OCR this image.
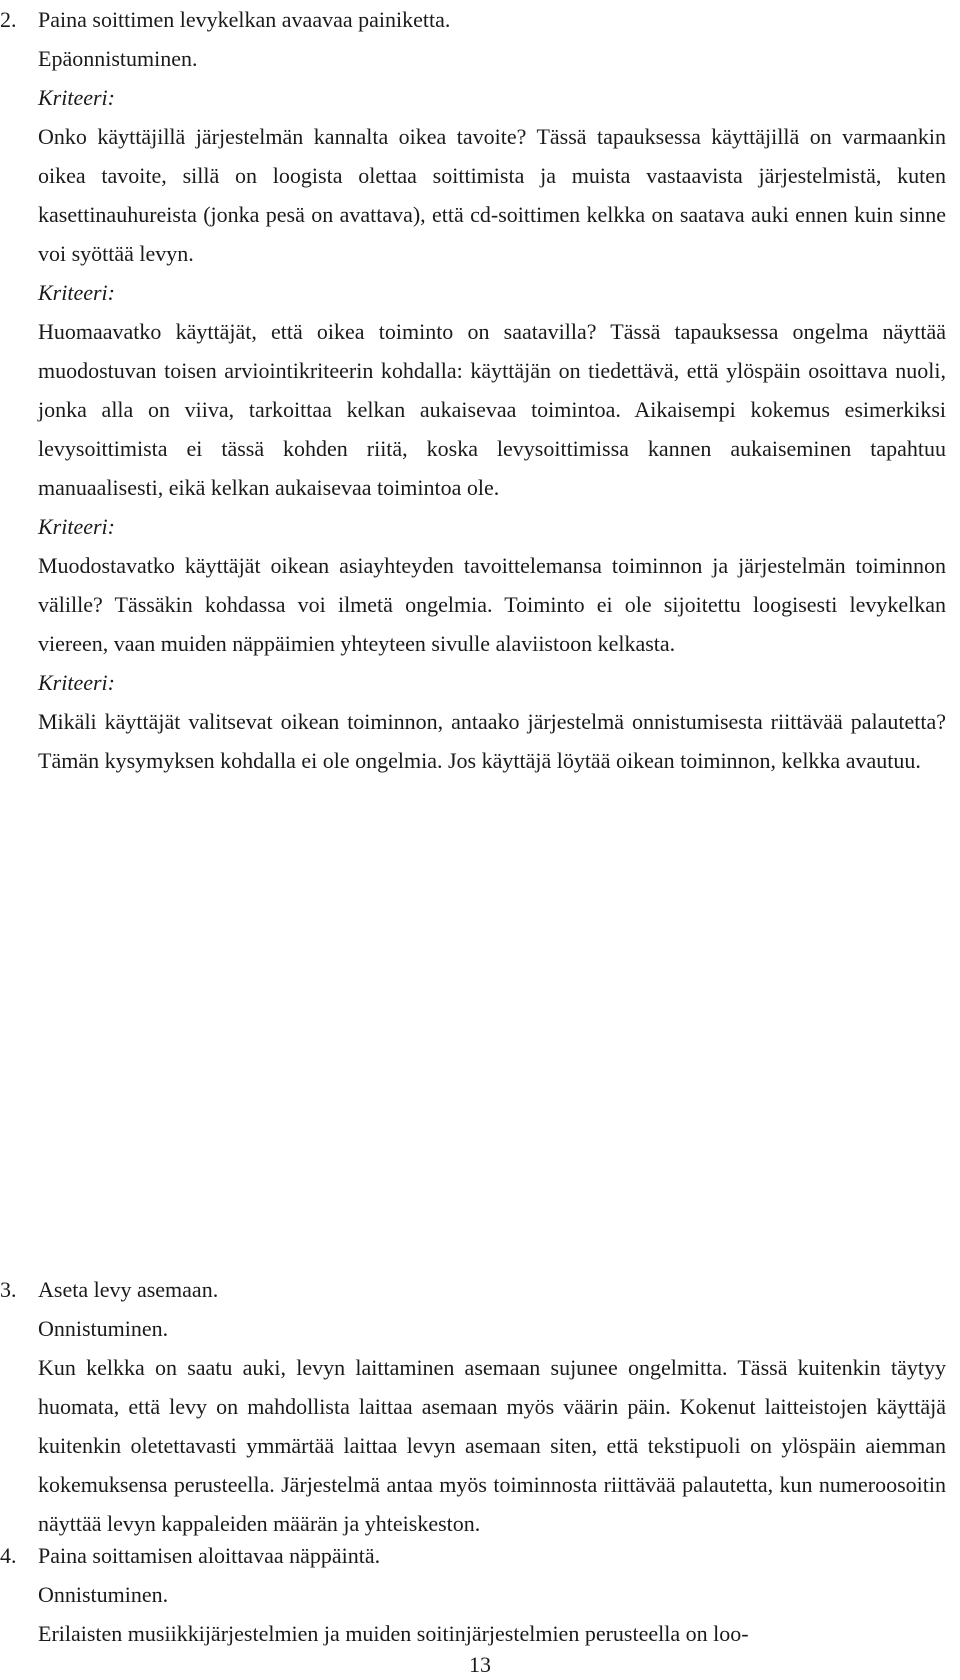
2. Paina soittimen levykelkan avaavaa painiketta.
Epäonnistuminen.
Kriteeri:

Onko käyttäjillä järjestelmän kannalta oikea tavoite? Tässä tapauksessa käyttäjillä on varmaankin oikea tavoite, sillä on loogista olettaa soittimista ja muista vastaavista järjestelmistä, kuten kasettinauhureista (jonka pesä on avattava), että cd-soittimen kelkka on saatava auki ennen kuin sinne voi syöttää levyn.

Kriteeri:

Huomaavatko käyttäjät, että oikea toiminto on saatavilla? Tässä tapauksessa ongelma näyttää muodostuvan toisen arviointikriteerin kohdalla: käyttäjän on tiedettävä, että ylöspäin osoittava nuoli, jonka alla on viiva, tarkoittaa kelkan aukaisevaa toimintoa. Aikaisempi kokemus esimerkiksi levysoittimista ei tässä kohden riitä, koska levysoittimissa kannen aukaiseminen tapahtuu manuaalisesti, eikä kelkan aukaisevaa toimintoa ole.

Kriteeri:

Muodostavatko käyttäjät oikean asiayhteyden tavoittelemansa toiminnon ja järjestelmän toiminnon välille? Tässäkin kohdassa voi ilmetä ongelmia. Toiminto ei ole sijoitettu loogisesti levykelkan viereen, vaan muiden näppäimien yhteyteen sivulle alaviistoon kelkasta.

Kriteeri:

Mikäli käyttäjät valitsevat oikean toiminnon, antaako järjestelmä onnistumisesta riittävää palautetta? Tämän kysymyksen kohdalla ei ole ongelmia. Jos käyttäjä löytää oikean toiminnon, kelkka avautuu.

3. Aseta levy asemaan.
Onnistuminen.

Kun kelkka on saatu auki, levyn laittaminen asemaan sujunee ongelmitta. Tässä kuitenkin täytyy huomata, että levy on mahdollista laittaa asemaan myös väärin päin. Kokenut laitteistojen käyttäjä kuitenkin oletettavasti ymmärtää laittaa levyn asemaan siten, että tekstipuoli on ylöspäin aiemman kokemuksensa perusteella. Järjestelmä antaa myös toiminnosta riittävää palautetta, kun numeroosoitin näyttää levyn kappaleiden määrän ja yhteiskeston.

4. Paina soittamisen aloittavaa näppäintä.
Onnistuminen.
Erilaisten musiikkijärjestelmien ja muiden soitinjärjestelmien perusteella on loo-
13
